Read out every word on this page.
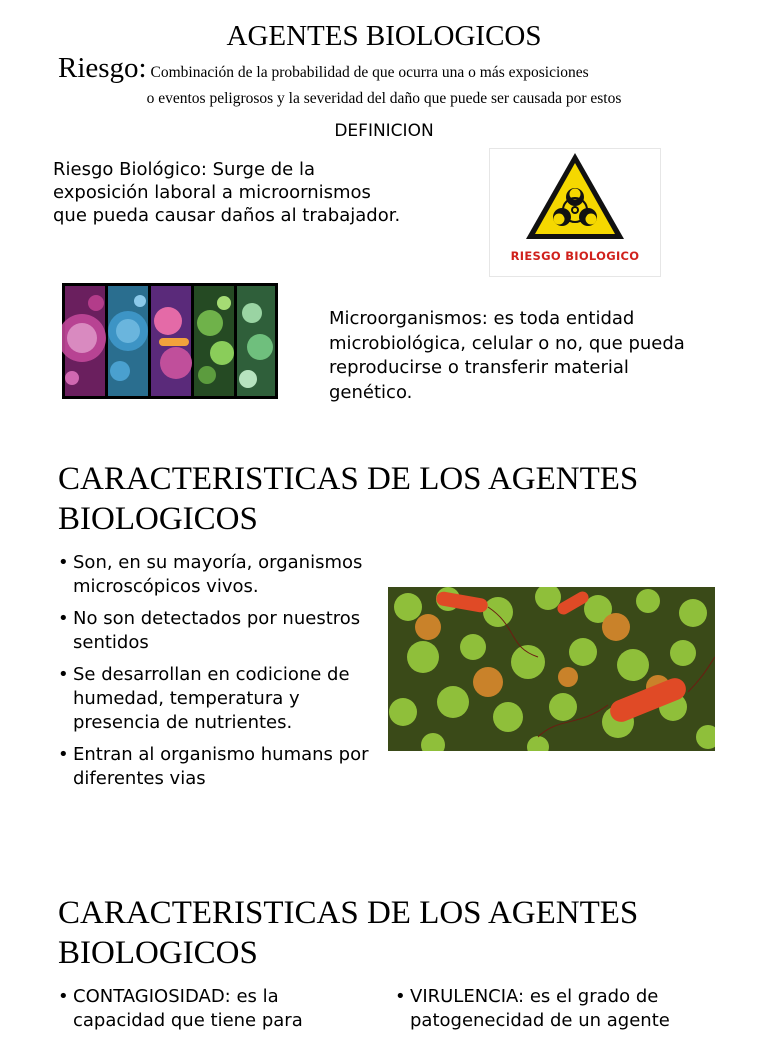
AGENTES BIOLOGICOS
Riesgo: Combinación de la probabilidad de que ocurra una o más exposiciones
o eventos peligrosos y la severidad del daño que puede ser causada por estos
DEFINICION
Riesgo Biológico: Surge de la exposición laboral a microornismos que pueda causar daños al trabajador.
RIESGO BIOLOGICO
Microorganismos: es toda entidad microbiológica, celular o no, que pueda reproducirse o transferir material genético.
CARACTERISTICAS DE LOS AGENTES BIOLOGICOS
• Son, en su mayoría, organismos microscópicos vivos.
• No son detectados por nuestros sentidos
• Se desarrollan en codicione de humedad, temperatura y presencia de nutrientes.
• Entran al organismo humans por diferentes vias
CARACTERISTICAS DE LOS AGENTES BIOLOGICOS
• CONTAGIOSIDAD: es la capacidad que tiene para
• VIRULENCIA: es el grado de patogenecidad de un agente
